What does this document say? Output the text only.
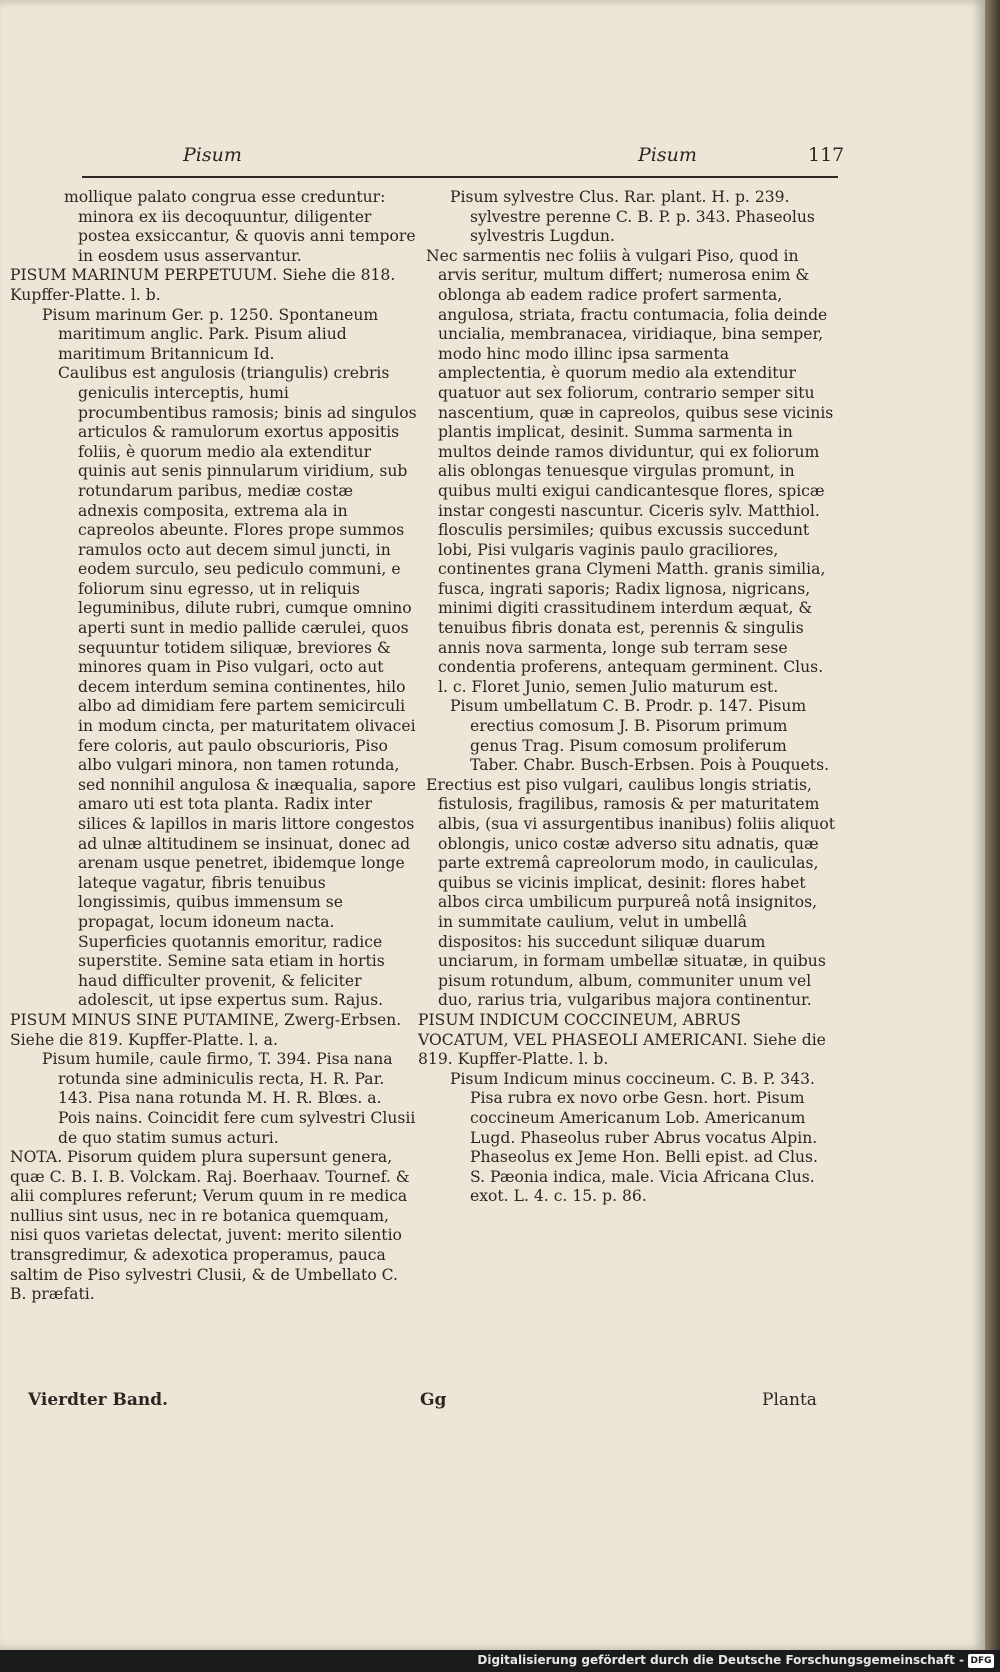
Pisum	Pisum	117

mollique palato congrua esse creduntur: minora ex iis decoquuntur, diligenter postea exsiccantur, & quovis anni tempore in eosdem usus asservantur.

PISUM MARINUM PERPETUUM. Siehe die 818. Kupffer-Platte. l. b.

Pisum marinum Ger. p. 1250. Spontaneum maritimum anglic. Park. Pisum aliud maritimum Britannicum Id.

Caulibus est angulosis (triangulis) crebris geniculis interceptis, humi procumbentibus ramosis; binis ad singulos articulos & ramulorum exortus appositis foliis, è quorum medio ala extenditur quinis aut senis pinnularum viridium, sub rotundarum paribus, mediæ costæ adnexis composita, extrema ala in capreolos abeunte. Flores prope summos ramulos octo aut decem simul juncti, in eodem surculo, seu pediculo communi, e foliorum sinu egresso, ut in reliquis leguminibus, dilute rubri, cumque omnino aperti sunt in medio pallide cærulei, quos sequuntur totidem siliquæ, breviores & minores quam in Piso vulgari, octo aut decem interdum semina continentes, hilo albo ad dimidiam fere partem semicirculi in modum cincta, per maturitatem olivacei fere coloris, aut paulo obscurioris, Piso albo vulgari minora, non tamen rotunda, sed nonnihil angulosa & inæqualia, sapore amaro uti est tota planta. Radix inter silices & lapillos in maris littore congestos ad ulnæ altitudinem se insinuat, donec ad arenam usque penetret, ibidemque longe lateque vagatur, fibris tenuibus longissimis, quibus immensum se propagat, locum idoneum nacta. Superficies quotannis emoritur, radice superstite. Semine sata etiam in hortis haud difficulter provenit, & feliciter adolescit, ut ipse expertus sum. Rajus.

PISUM MINUS SINE PUTAMINE, Zwerg-Erbsen. Siehe die 819. Kupffer-Platte. l. a.

Pisum humile, caule firmo, T. 394. Pisa nana rotunda sine adminiculis recta, H. R. Par. 143. Pisa nana rotunda M. H. R. Blœs. a. Pois nains. Coincidit fere cum sylvestri Clusii de quo statim sumus acturi.

NOTA. Pisorum quidem plura supersunt genera, quæ C. B. I. B. Volckam. Raj. Boerhaav. Tournef. & alii complures referunt; Verum quum in re medica nullius sint usus, nec in re botanica quemquam, nisi quos varietas delectat, juvent: merito silentio transgredimur, & adexotica properamus, pauca saltim de Piso sylvestri Clusii, & de Umbellato C. B. præfati.

Pisum sylvestre Clus. Rar. plant. H. p. 239. sylvestre perenne C. B. P. p. 343. Phaseolus sylvestris Lugdun.

Nec sarmentis nec foliis à vulgari Piso, quod in arvis seritur, multum differt; numerosa enim & oblonga ab eadem radice profert sarmenta, angulosa, striata, fractu contumacia, folia deinde uncialia, membranacea, viridiaque, bina semper, modo hinc modo illinc ipsa sarmenta amplectentia, è quorum medio ala extenditur quatuor aut sex foliorum, contrario semper situ nascentium, quæ in capreolos, quibus sese vicinis plantis implicat, desinit. Summa sarmenta in multos deinde ramos dividuntur, qui ex foliorum alis oblongas tenuesque virgulas promunt, in quibus multi exigui candicantesque flores, spicæ instar congesti nascuntur. Ciceris sylv. Matthiol. flosculis persimiles; quibus excussis succedunt lobi, Pisi vulgaris vaginis paulo graciliores, continentes grana Clymeni Matth. granis similia, fusca, ingrati saporis; Radix lignosa, nigricans, minimi digiti crassitudinem interdum æquat, & tenuibus fibris donata est, perennis & singulis annis nova sarmenta, longe sub terram sese condentia proferens, antequam germinent. Clus. l. c. Floret Junio, semen Julio maturum est.

Pisum umbellatum C. B. Prodr. p. 147. Pisum erectius comosum J. B. Pisorum primum genus Trag. Pisum comosum proliferum Taber. Chabr. Busch-Erbsen. Pois à Pouquets.

Erectius est piso vulgari, caulibus longis striatis, fistulosis, fragilibus, ramosis & per maturitatem albis, (sua vi assurgentibus inanibus) foliis aliquot oblongis, unico costæ adverso situ adnatis, quæ parte extremâ capreolorum modo, in cauliculas, quibus se vicinis implicat, desinit: flores habet albos circa umbilicum purpureâ notâ insignitos, in summitate caulium, velut in umbellâ dispositos: his succedunt siliquæ duarum unciarum, in formam umbellæ situatæ, in quibus pisum rotundum, album, communiter unum vel duo, rarius tria, vulgaribus majora continentur.

PISUM INDICUM COCCINEUM, ABRUS VOCATUM, VEL PHASEOLI AMERICANI. Siehe die 819. Kupffer-Platte. l. b.

Pisum Indicum minus coccineum. C. B. P. 343. Pisa rubra ex novo orbe Gesn. hort. Pisum coccineum Americanum Lob. Americanum Lugd. Phaseolus ruber Abrus vocatus Alpin. Phaseolus ex Jeme Hon. Belli epist. ad Clus. S. Pæonia indica, male. Vicia Africana Clus. exot. L. 4. c. 15. p. 86.

Vierdter Band.	Gg	Planta
Digitalisierung gefördert durch die Deutsche Forschungsgemeinschaft - DFG
